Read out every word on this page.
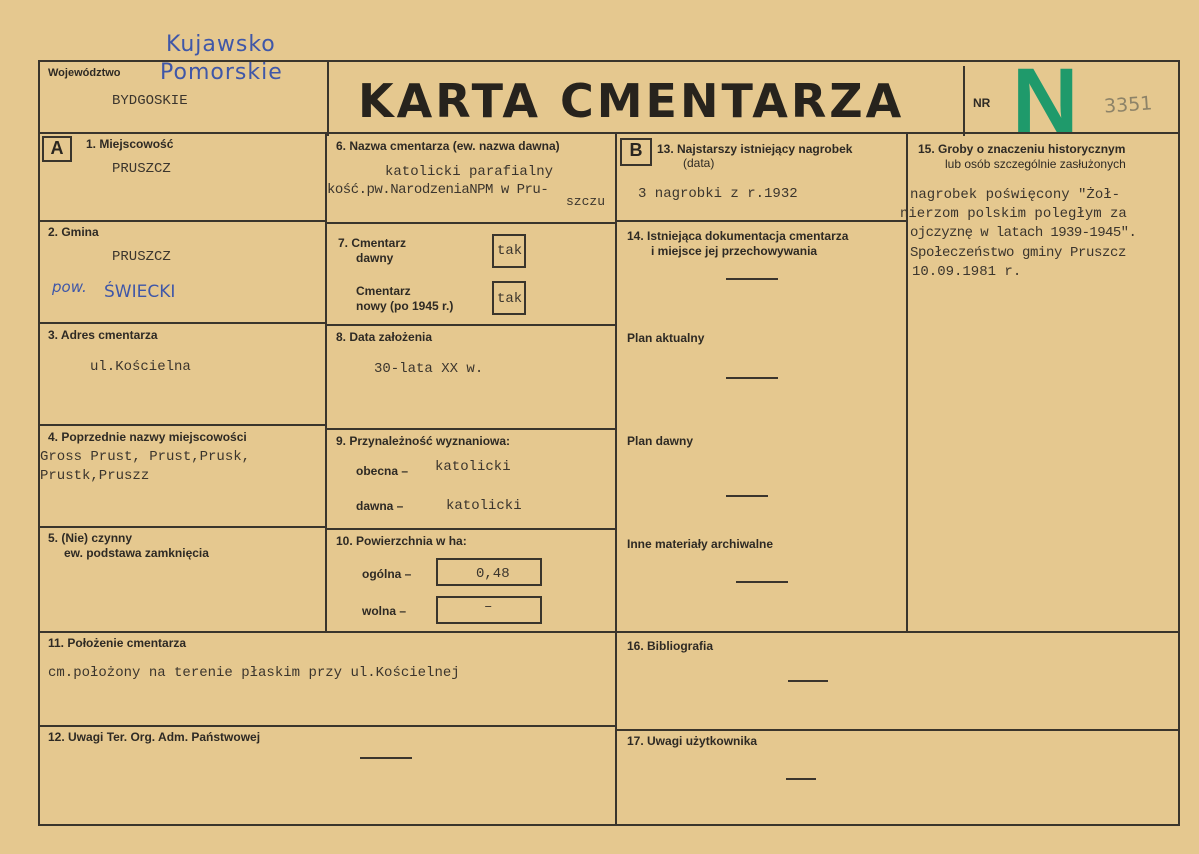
Województwo
BYDGOSKIE
Kujawsko
Pomorskie
KARTA CMENTARZA	NR N 3351
A	B
1. Miejscowość
PRUSZCZ
2. Gmina
PRUSZCZ
pow. ŚWIECKI
3. Adres cmentarza
ul.Kościelna
4. Poprzednie nazwy miejscowości
Gross Prust, Prust,Prusk,
Prustk,Pruszz
5. (Nie) czynny
ew. podstawa zamknięcia
6. Nazwa cmentarza (ew. nazwa dawna)
katolicki parafialny
kość.pw.NarodzeniaNPM w Pru-
szczu
7. Cmentarz
dawny	tak
Cmentarz
nowy (po 1945 r.)	tak
8. Data założenia
30-lata XX w.
9. Przynależność wyznaniowa:
obecna – katolicki
dawna –	katolicki
10. Powierzchnia w ha:
ogólna –	0,48
wolna –	–
11. Położenie cmentarza
cm.położony na terenie płaskim przy ul.Kościelnej
12. Uwagi Ter. Org. Adm. Państwowej
13. Najstarszy istniejący nagrobek
(data)
3 nagrobki z r.1932
14. Istniejąca dokumentacja cmentarza
i miejsce jej przechowywania
Plan aktualny
Plan dawny
Inne materiały archiwalne
15. Groby o znaczeniu historycznym
lub osób szczególnie zasłużonych
nagrobek poświęcony "Żoł-
nierzom polskim poległym za
ojczyznę w latach 1939-1945".
Społeczeństwo gminy Pruszcz
10.09.1981 r.
16. Bibliografia
17. Uwagi użytkownika
